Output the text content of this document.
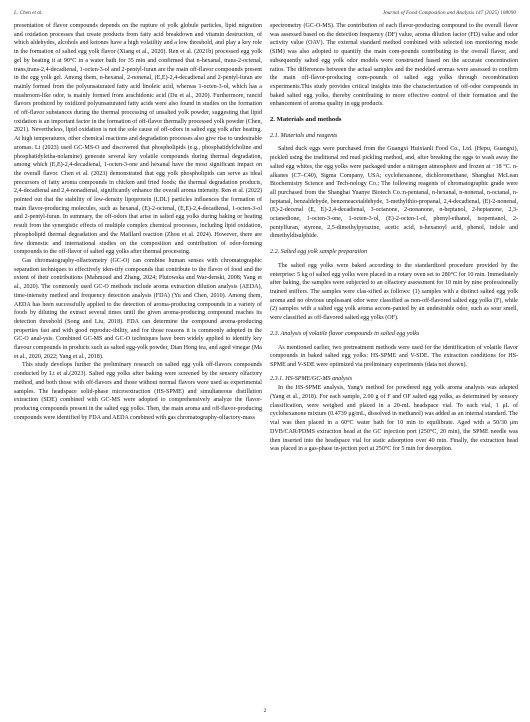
L. Chen et al.	Journal of Food Composition and Analysis 147 (2025) 108090

presentation of flavor compounds depends on the rupture of yolk globule particles, lipid migration and oxidation processes that create products from fatty acid breakdown and vitamin destruction, of which aldehydes, alcohols and ketones have a high volatility and a low threshold, and play a key role in the formation of salted egg yolk flavor (Xiang et al., 2020). Ren et al. (2021b) processed egg yolk gel by heating it at 90°C in a water bath for 35 min and confirmed that n-hexanal, trans-2-octenal, trans,trans-2,4-decadienal, 1-octen-3-ol and 2-pentyl-furan are the main off-flavor compounds present in the egg yolk gel. Among them, n-hexanal, 2-nonenal, (E,E)-2,4-decadienal and 2-pentyl-furan are mainly formed from the polyunsaturated fatty acid linoleic acid, whereas 1-octen-3-ol, which has a mushroom-like odor, is mainly formed from arachidonic acid (Du et al., 2020). Furthermore, rancid flavors produced by oxidized polyunsaturated fatty acids were also found in studies on the formation of off-flavor substances during the thermal processing of unsalted yolk powder, suggesting that lipid oxidation is an important factor in the formation of off-flavor thermally processed yolk powder (Chen, 2021). Nevertheless, lipid oxidation is not the sole cause of off-odors in salted egg yolk after heating. At high temperatures, other chemical reactions and degradation processes also give rise to undesirable aromas. Li (2023) used GC-MS-O and discovered that phospholipids (e.g., phosphatidylcholine and phosphatidyletha-nolamine) generate several key volatile compounds during thermal degradation, among which (E,E)-2,4-decadienal, 1-octen-3-one and hexanal have the most significant impact on the overall flavor. Chen et al. (2023) demonstrated that egg yolk phospholipids can serve as ideal precursors of fatty aroma compounds in chicken and fried foods; the thermal degradation products, 2,4-decadienal and 2,4-nonadienal, significantly enhance the overall aroma intensity. Ren et al. (2022) pointed out that the stability of low-density lipoprotein (LDL) particles influences the formation of main flavor-producing molecules, such as hexanal, (E)-2-octenal, (E,E)-2,4-decadienal, 1-octen-3-ol and 2-pentyl-furan. In summary, the off-odors that arise in salted egg yolks during baking or heating result from the synergistic effects of multiple complex chemical processes, including lipid oxidation, phospholipid thermal degradation and the Maillard reaction (Zhou et al. 2024). However, there are few domestic and international studies on the composition and contribution of odor-forming compounds to the off-flavor of salted egg yolks after thermal processing.

Gas chromatography-olfactometry (GC-O) can combine human senses with chromatographic separation techniques to effectively iden-tify compounds that contribute to the flavor of food and the extent of their contributions (Mahmoud and Zhang, 2024; Plutowska and War-denski, 2008; Yang et al., 2020). The commonly used GC-O methods include aroma extraction dilution analysis (AEDA), time-intensity method and frequency detection analysis (FDA) (Yu and Chen, 2010). Among them, AEDA has been successfully applied to the detection of aroma-producing compounds in a variety of foods by diluting the extract several times until the given aroma-producing compound reaches its detection threshold (Song and Liu, 2018). FDA can determine the compound aroma-producing properties fast and with good reproduc-ibility, and for those reasons it is commonly adopted in the GC-O anal-ysis. Combined GC-MS and GC-O techniques have been widely applied to identify key flavour compounds in products such as salted egg-yolk powder, Dian Hong tea, and aged vinegar (Ma et al., 2020, 2022; Yang et al., 2018).

This study develops further the preliminary research on salted egg yolk off-flavors compounds conducted by Li et al.(2023). Salted egg yolks after baking were screened by the sensory olfactory method, and both those with off-flavors and those without normal flavors were used as experimental samples. The headspace solid-phase microextraction (HS-SPME) and simultaneous distillation extraction (SDE) combined with GC-MS were adopted to comprehensively analyze the flavor-producing compounds present in the salted egg yolks. Then, the main aroma and off-flavor-producing compounds were identified by FDA and AEDA combined with gas chromatography-olfactory-mass

spectrometry (GC-O-MS). The contribution of each flavor-producing compound to the overall flavor was assessed based on the detection frequency (DF) value, aroma dilution factor (FD) value and odor activity value (OAV). The external standard method combined with selected ion monitoring mode (SIM) was also adopted to quantify the main com-pounds contributing to the overall flavor, and subsequently salted egg yolk odor models were constructed based on the accurate concentration ratios. The differences between the actual samples and the modeled aromas were assessed to confirm the main off-flavor-producing com-pounds of salted egg yolks through recombination experiments.This study provides critical insights into the characterization of off-odor compounds in baked salted egg yolks, thereby contributing to more effective control of their formation and the enhancement of aroma quality in egg products.

2. Materials and methods
2.1. Materials and reagents

Salted duck eggs were purchased from the Guangxi Huixianli Food Co., Ltd. (Hepu, Guangxi), pickled using the traditional red mud pickling method, and, after breaking the eggs to wash away the salted egg whites, the egg yolks were packaged under a nitrogen atmosphere and frozen at −18 °C. n-alkanes (C7–C40), Sigma Company, USA; cyclohexanone, dichloromethane, Shanghai McLean Biochemistry Science and Tech-nology Co.; The following reagents of chromatographic grade were all purchased from the Shanghai Yuanye Biotech Co.:n-pentanal, n-hexanal, n-nonenal, n-octanal, n-heptanal, benzaldehyde, benzeneacetaldehyde, 3-methylthio-propanal, 2,4-decadienal, (E)-2-nonenal, (E)-2-decenal (E, E)-2,4-decadienal, 3-octanone, 2-nonanone, n-heptanol, 2-heptanone, 2,3-octanedione, 1-octen-3-one, 1-octen-3-ol, (E)-2-octen-1-ol, phenyl-ethanol, isopentanol, 2-pentylfuran, styrene, 2,5-dimethylpyrazine, acetic acid, n-hexanoyl acid, phenol, indole and dimethyldisulphide.

2.2. Salted egg yolk sample preparation

The salted egg yolks were baked according to the standardized procedure provided by the enterprise: 5 kg of salted egg yolks were placed in a rotary oven set to 280°C for 10 min. Immediately after baking, the samples were subjected to an olfactory assessment for 10 min by nine professionally trained sniffers. The samples were clas-sified as follows: (1) samples with a distinct salted egg yolk aroma and no obvious unpleasant odor were classified as non-off-flavored salted egg yolks (F), while (2) samples with a salted egg yolk aroma accom-panied by an undesirable odor, such as sour smell, were classified as off-flavored salted egg yolks (OF).

2.3. Analysis of volatile flavor compounds in salted egg yolks

As mentioned earlier, two pretreatment methods were used for the identification of volatile flavor compounds in baked salted egg yolks: HS-SPME and V-SDE. The extraction conditions for HS-SPME and V-SDE were optimized via preliminary experiments (data not shown).

2.3.1. HS-SPME/GC-MS analysis

In the HS-SPME analysis, Yang's method for powdered egg yolk aroma analysis was adapted (Yang et al., 2018). For each sample, 2.00 g of F and OF salted egg yolks, as determined by sensory classification, were weighed and placed in a 20-mL headspace vial. To each vial, 1 μL of cyclohexanone mixture (0.4739 μg/mL, dissolved in methanol) was added as an internal standard. The vial was then placed in a 60°C water bath for 10 min to equilibrate. Aged with a 50/30 μm DVB/CAR/PDMS extraction head at the GC injection port (250°C, 20 min), the SPME needle was then inserted into the headspace vial for static adsorption over 40 min. Finally, the extraction head was placed in a gas-phase in-jection port at 250°C for 5 min for desorption.

2
